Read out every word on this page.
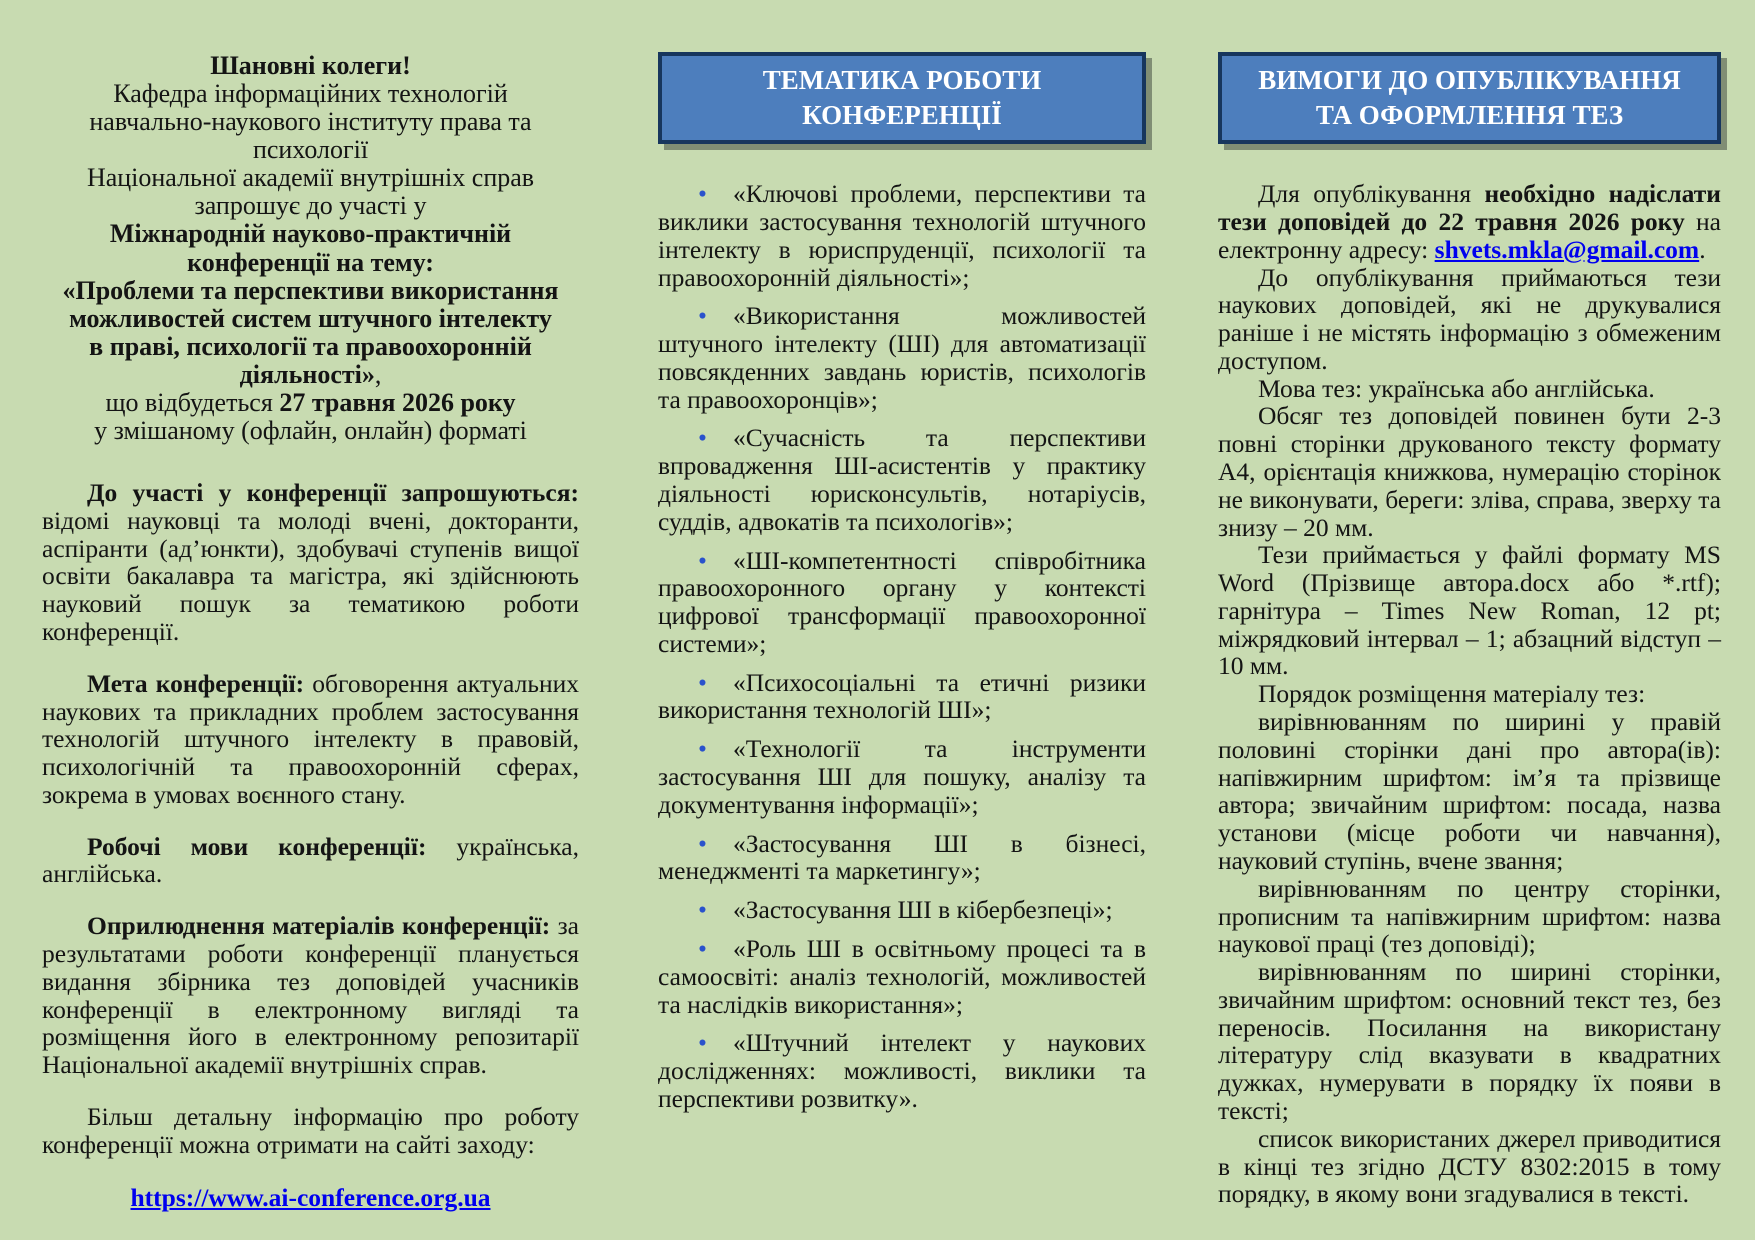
Шановні колеги!
Кафедра інформаційних технологій
навчально-наукового інституту права та психології
Національної академії внутрішніх справ
запрошує до участі у
Міжнародній науково-практичній
конференції на тему:
«Проблеми та перспективи використання
можливостей систем штучного інтелекту
в праві, психології та правоохоронній
діяльності»,
що відбудеться 27 травня 2026 року
у змішаному (офлайн, онлайн) форматі

До участі у конференції запрошуються: відомі науковці та молоді вчені, докторанти, аспіранти (ад’юнкти), здобувачі ступенів вищої освіти бакалавра та магістра, які здійснюють науковий пошук за тематикою роботи конференції.

Мета конференції: обговорення актуальних наукових та прикладних проблем застосування технологій штучного інтелекту в правовій, психологічній та правоохоронній сферах, зокрема в умовах воєнного стану.

Робочі мови конференції: українська, англійська.

Оприлюднення матеріалів конференції: за результатами роботи конференції планується видання збірника тез доповідей учасників конференції в електронному вигляді та розміщення його в електронному репозитарії Національної академії внутрішніх справ.

Більш детальну інформацію про роботу конференції можна отримати на сайті заходу:

https://www.ai-conference.org.ua
ТЕМАТИКА РОБОТИ
КОНФЕРЕНЦІЇ

• «Ключові проблеми, перспективи та виклики застосування технологій штучного інтелекту в юриспруденції, психології та правоохоронній діяльності»;

• «Використання можливостей штучного інтелекту (ШІ) для автоматизації повсякденних завдань юристів, психологів та правоохоронців»;

• «Сучасність та перспективи впровадження ШІ-асистентів у практику діяльності юрисконсультів, нотаріусів, суддів, адвокатів та психологів»;

• «ШІ-компетентності співробітника правоохоронного органу у контексті цифрової трансформації правоохоронної системи»;

• «Психосоціальні та етичні ризики використання технологій ШІ»;

• «Технології та інструменти застосування ШІ для пошуку, аналізу та документування інформації»;

• «Застосування ШІ в бізнесі, менеджменті та маркетингу»;

• «Застосування ШІ в кібербезпеці»;

• «Роль ШІ в освітньому процесі та в самоосвіті: аналіз технологій, можливостей та наслідків використання»;

• «Штучний інтелект у наукових дослідженнях: можливості, виклики та перспективи розвитку».

ВИМОГИ ДО ОПУБЛІКУВАННЯ
ТА ОФОРМЛЕННЯ ТЕЗ

Для опублікування необхідно надіслати тези доповідей до 22 травня 2026 року на електронну адресу: shvets.mkla@gmail.com.

До опублікування приймаються тези наукових доповідей, які не друкувалися раніше і не містять інформацію з обмеженим доступом.

Мова тез: українська або англійська.

Обсяг тез доповідей повинен бути 2-3 повні сторінки друкованого тексту формату А4, орієнтація книжкова, нумерацію сторінок не виконувати, береги: зліва, справа, зверху та знизу – 20 мм.

Тези приймається у файлі формату MS Word (Прізвище автора.docx або *.rtf); гарнітура – Times New Roman, 12 pt; міжрядковий інтервал – 1; абзацний відступ – 10 мм.

Порядок розміщення матеріалу тез:

вирівнюванням по ширині у правій половині сторінки дані про автора(ів): напівжирним шрифтом: ім’я та прізвище автора; звичайним шрифтом: посада, назва установи (місце роботи чи навчання), науковий ступінь, вчене звання;

вирівнюванням по центру сторінки, прописним та напівжирним шрифтом: назва наукової праці (тез доповіді);

вирівнюванням по ширині сторінки, звичайним шрифтом: основний текст тез, без переносів. Посилання на використану літературу слід вказувати в квадратних дужках, нумерувати в порядку їх появи в тексті;

список використаних джерел приводитися в кінці тез згідно ДСТУ 8302:2015 в тому порядку, в якому вони згадувалися в тексті.
